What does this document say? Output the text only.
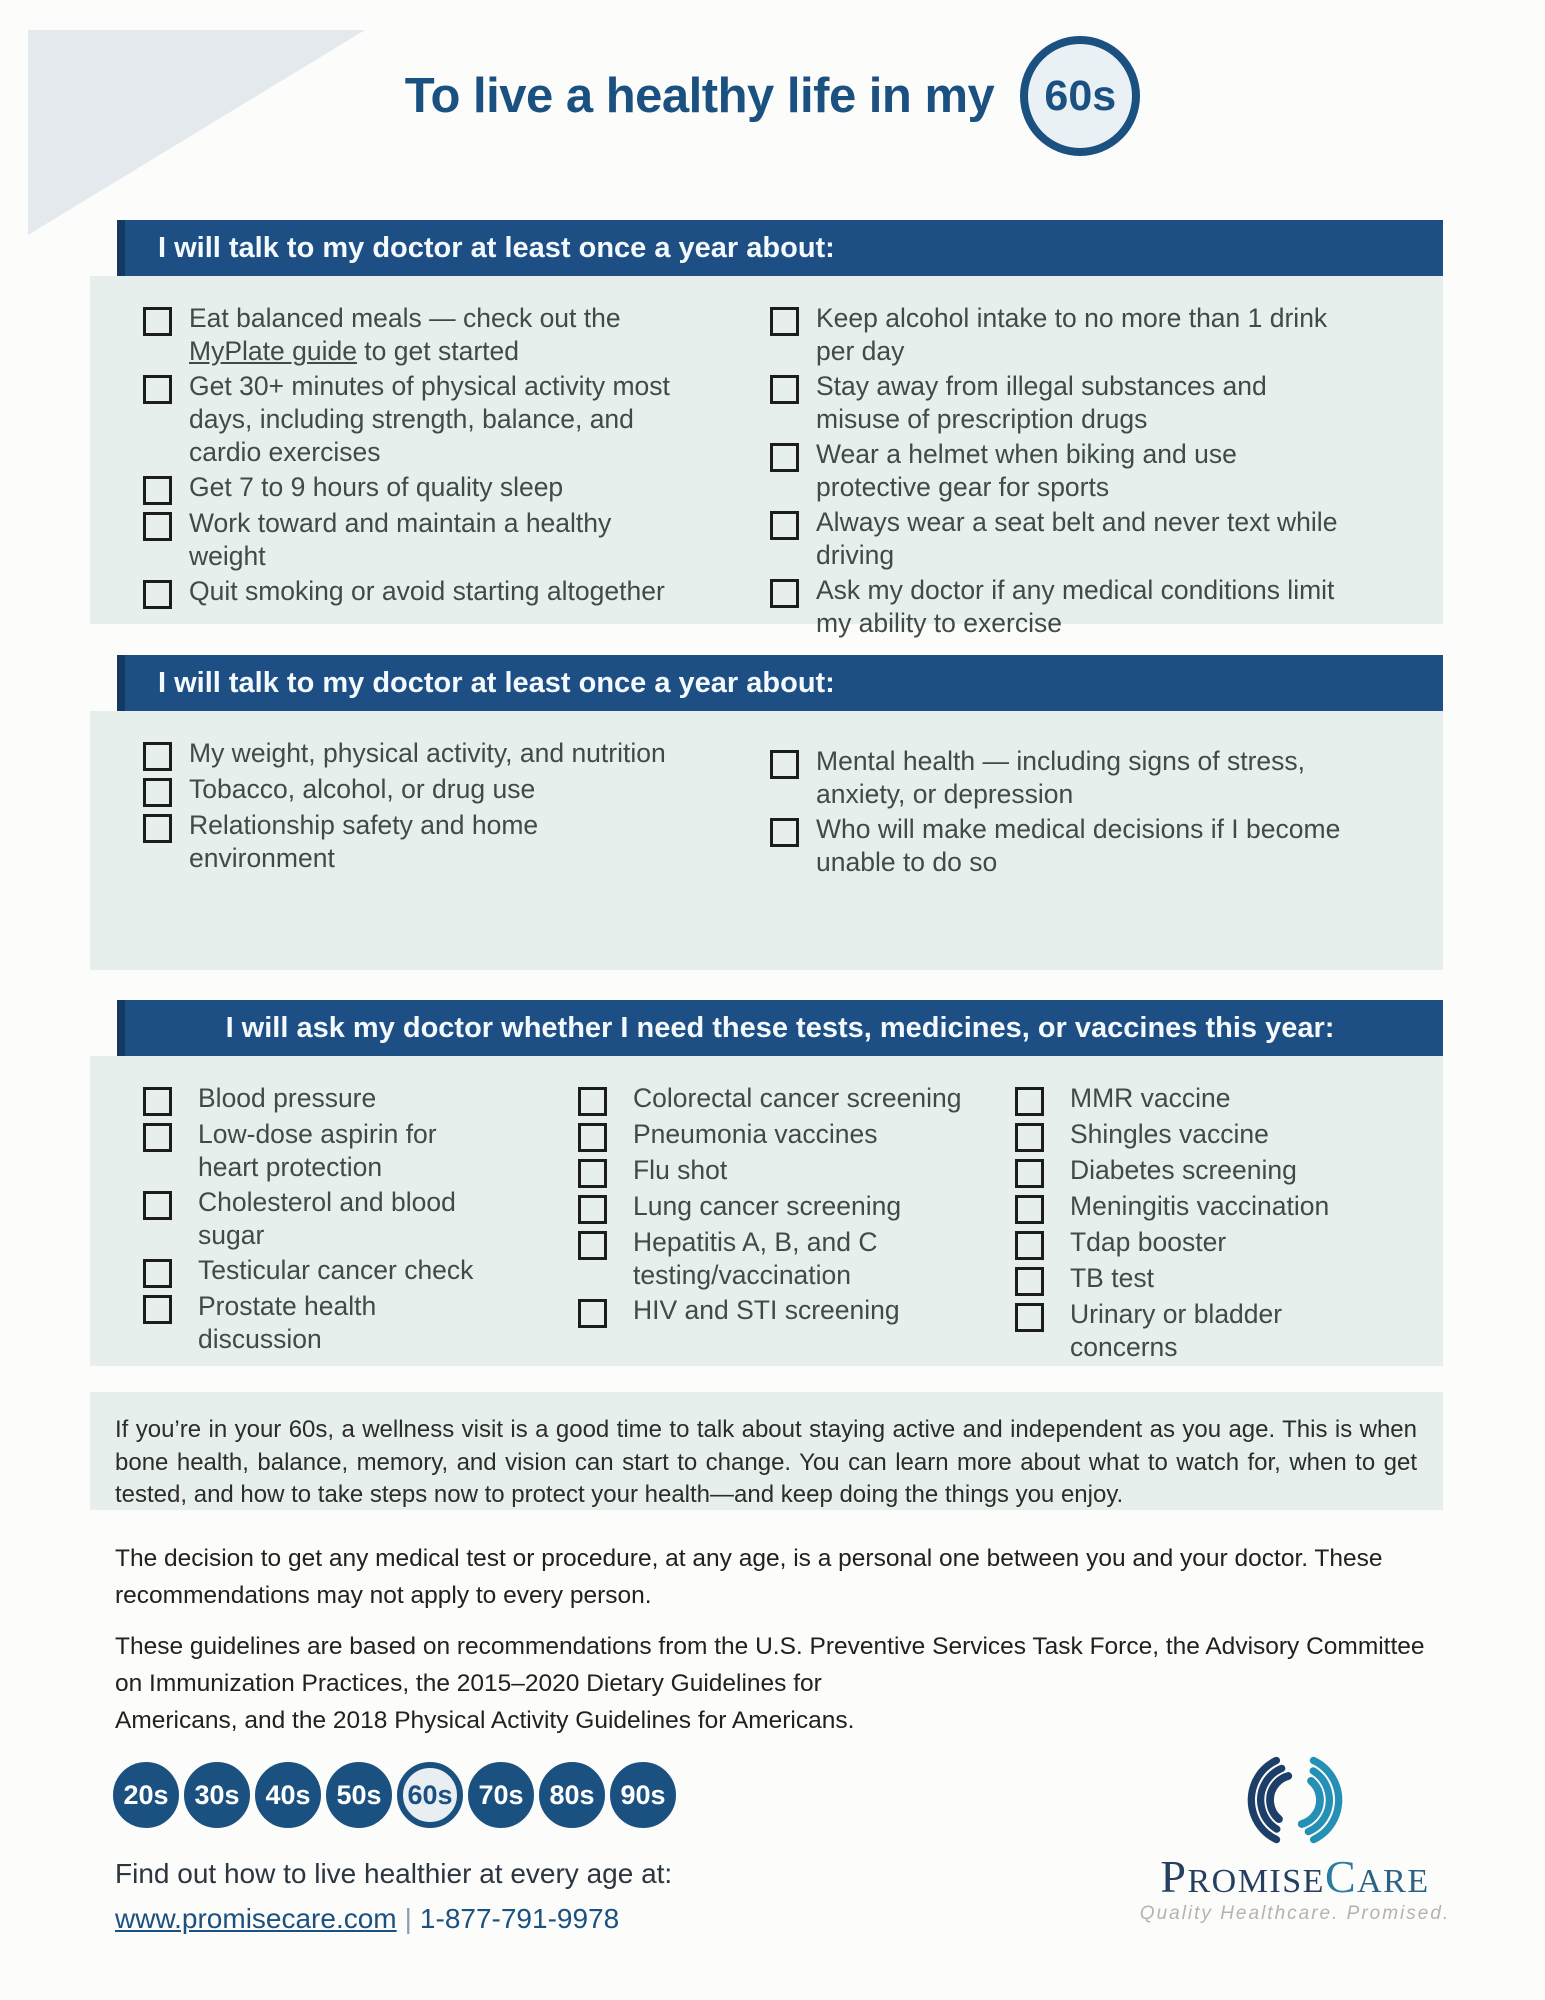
To live a healthy life in my	60s
I will talk to my doctor at least once a year about:
Eat balanced meals — check out the
MyPlate guide to get started
Get 30+ minutes of physical activity most
days, including strength, balance, and
cardio exercises
Get 7 to 9 hours of quality sleep
Work toward and maintain a healthy
weight
Quit smoking or avoid starting altogether
Keep alcohol intake to no more than 1 drink
per day
Stay away from illegal substances and
misuse of prescription drugs
Wear a helmet when biking and use
protective gear for sports
Always wear a seat belt and never text while
driving
Ask my doctor if any medical conditions limit
my ability to exercise
I will talk to my doctor at least once a year about:
My weight, physical activity, and nutrition
Tobacco, alcohol, or drug use
Relationship safety and home
environment
Mental health — including signs of stress,
anxiety, or depression
Who will make medical decisions if I become
unable to do so
I will ask my doctor whether I need these tests, medicines, or vaccines this year:
Blood pressure
Low-dose aspirin for
heart protection
Cholesterol and blood
sugar
Testicular cancer check
Prostate health
discussion
Colorectal cancer screening
Pneumonia vaccines
Flu shot
Lung cancer screening
Hepatitis A, B, and C
testing/vaccination
HIV and STI screening
MMR vaccine
Shingles vaccine
Diabetes screening
Meningitis vaccination
Tdap booster
TB test
Urinary or bladder
concerns
If you’re in your 60s, a wellness visit is a good time to talk about staying active and independent as you age. This is when bone health, balance, memory, and vision can start to change. You can learn more about what to watch for, when to get tested, and how to take steps now to protect your health—and keep doing the things you enjoy.

The decision to get any medical test or procedure, at any age, is a personal one between you and your doctor. These
recommendations may not apply to every person.

These guidelines are based on recommendations from the U.S. Preventive Services Task Force, the Advisory Committee
on Immunization Practices, the 2015–2020 Dietary Guidelines for
Americans, and the 2018 Physical Activity Guidelines for Americans.

20s 30s 40s 50s 60s 70s 80s 90s
Find out how to live healthier at every age at:
www.promisecare.com | 1-877-791-9978
PROMISECARE
Quality Healthcare. Promised.
